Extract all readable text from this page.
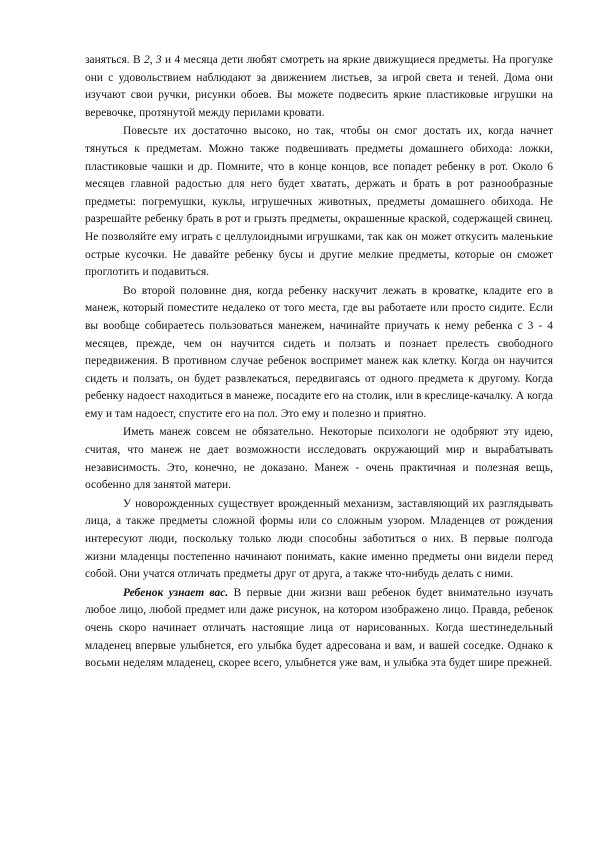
заняться. В 2, 3 и 4 месяца дети любят смотреть на яркие движущиеся предметы. На прогулке они с удовольствием наблюдают за движением листьев, за игрой света и теней. Дома они изучают свои ручки, рисунки обоев. Вы можете подвесить яркие пластиковые игрушки на веревочке, протянутой между перилами кровати.

Повесьте их достаточно высоко, но так, чтобы он смог достать их, когда начнет тянуться к предметам. Можно также подвешивать предметы домашнего обихода: ложки, пластиковые чашки и др. Помните, что в конце концов, все попадет ребенку в рот. Около 6 месяцев главной радостью для него будет хватать, держать и брать в рот разнообразные предметы: погремушки, куклы, игрушечных животных, предметы домашнего обихода. Не разрешайте ребенку брать в рот и грызть предметы, окрашенные краской, содержащей свинец. Не позволяйте ему играть с целлулоидными игрушками, так как он может откусить маленькие острые кусочки. Не давайте ребенку бусы и другие мелкие предметы, которые он сможет проглотить и подавиться.

Во второй половине дня, когда ребенку наскучит лежать в кроватке, кладите его в манеж, который поместите недалеко от того места, где вы работаете или просто сидите. Если вы вообще собираетесь пользоваться манежем, начинайте приучать к нему ребенка с 3 - 4 месяцев, прежде, чем он научится сидеть и ползать и познает прелесть свободного передвижения. В противном случае ребенок воспримет манеж как клетку. Когда он научится сидеть и ползать, он будет развлекаться, передвигаясь от одного предмета к другому. Когда ребенку надоест находиться в манеже, посадите его на столик, или в креслице-качалку. А когда ему и там надоест, спустите его на пол. Это ему и полезно и приятно.

Иметь манеж совсем не обязательно. Некоторые психологи не одобряют эту идею, считая, что манеж не дает возможности исследовать окружающий мир и вырабатывать независимость. Это, конечно, не доказано. Манеж - очень практичная и полезная вещь, особенно для занятой матери.

У новорожденных существует врожденный механизм, заставляющий их разглядывать лица, а также предметы сложной формы или со сложным узором. Младенцев от рождения интересуют люди, поскольку только люди способны заботиться о них. В первые полгода жизни младенцы постепенно начинают понимать, какие именно предметы они видели перед собой. Они учатся отличать предметы друг от друга, а также что-нибудь делать с ними.

Ребенок узнает вас. В первые дни жизни ваш ребенок будет внимательно изучать любое лицо, любой предмет или даже рисунок, на котором изображено лицо. Правда, ребенок очень скоро начинает отличать настоящие лица от нарисованных. Когда шестинедельный младенец впервые улыбнется, его улыбка будет адресована и вам, и вашей соседке. Однако к восьми неделям младенец, скорее всего, улыбнется уже вам, и улыбка эта будет шире прежней.
